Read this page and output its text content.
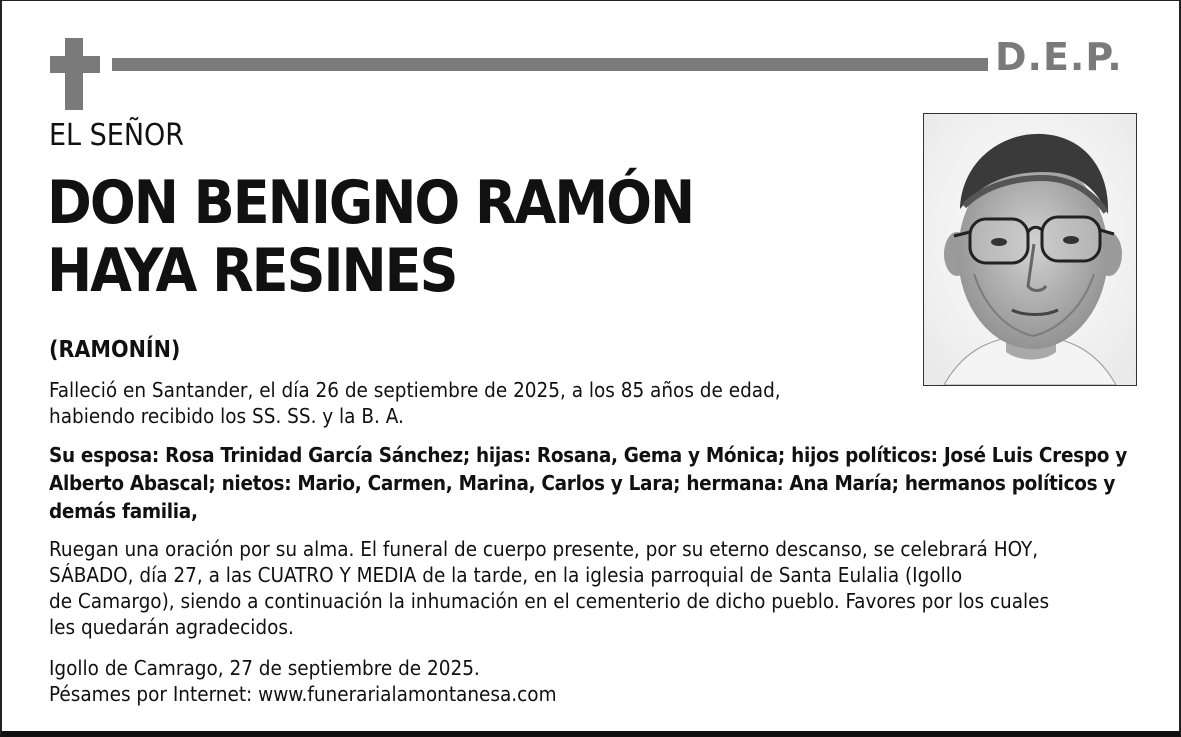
D.E.P.
EL SEÑOR
DON BENIGNO RAMÓN
HAYA RESINES
(RAMONÍN)
Falleció en Santander, el día 26 de septiembre de 2025, a los 85 años de edad,
habiendo recibido los SS. SS. y la B. A.
Su esposa: Rosa Trinidad García Sánchez; hijas: Rosana, Gema y Mónica; hijos políticos: José Luis Crespo y Alberto Abascal; nietos: Mario, Carmen, Marina, Carlos y Lara; hermana: Ana María; hermanos políticos y demás familia,
Ruegan una oración por su alma. El funeral de cuerpo presente, por su eterno descanso, se celebrará HOY,
SÁBADO, día 27, a las CUATRO Y MEDIA de la tarde, en la iglesia parroquial de Santa Eulalia (Igollo
de Camargo), siendo a continuación la inhumación en el cementerio de dicho pueblo. Favores por los cuales
les quedarán agradecidos.
Igollo de Camrago, 27 de septiembre de 2025.
Pésames por Internet: www.funerarialamontanesa.com
